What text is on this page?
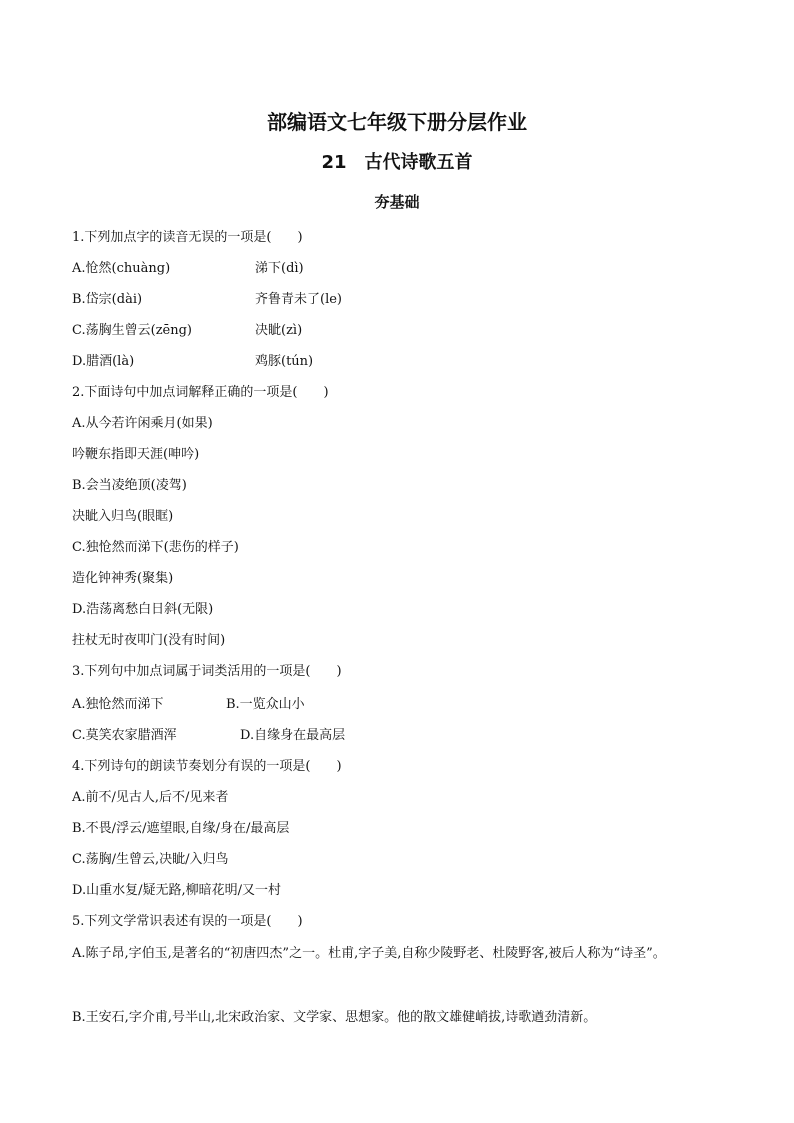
部编语文七年级下册分层作业
21 古代诗歌五首
夯基础
1.下列加点字的读音无误的一项是(　　)
A.怆然(chuàng)	涕下(dì)
B.岱宗(dài)	齐鲁青未了(le)
C.荡胸生曾云(zēng)	决眦(zì)
D.腊酒(là)	鸡豚(tún)
2.下面诗句中加点词解释正确的一项是(　　)
A.从今若许闲乘月(如果)
吟鞭东指即天涯(呻吟)
B.会当凌绝顶(凌驾)
决眦入归鸟(眼眶)
C.独怆然而涕下(悲伤的样子)
造化钟神秀(聚集)
D.浩荡离愁白日斜(无限)
拄杖无时夜叩门(没有时间)
3.下列句中加点词属于词类活用的一项是(　　)
A.独怆然而涕下	B.一览众山小
C.莫笑农家腊酒浑	D.自缘身在最高层
4.下列诗句的朗读节奏划分有误的一项是(　　)
A.前不/见古人,后不/见来者
B.不畏/浮云/遮望眼,自缘/身在/最高层
C.荡胸/生曾云,决眦/入归鸟
D.山重水复/疑无路,柳暗花明/又一村
5.下列文学常识表述有误的一项是(　　)
A.陈子昂,字伯玉,是著名的“初唐四杰”之一。杜甫,字子美,自称少陵野老、杜陵野客,被后人称为“诗圣”。
B.王安石,字介甫,号半山,北宋政治家、文学家、思想家。他的散文雄健峭拔,诗歌遒劲清新。
